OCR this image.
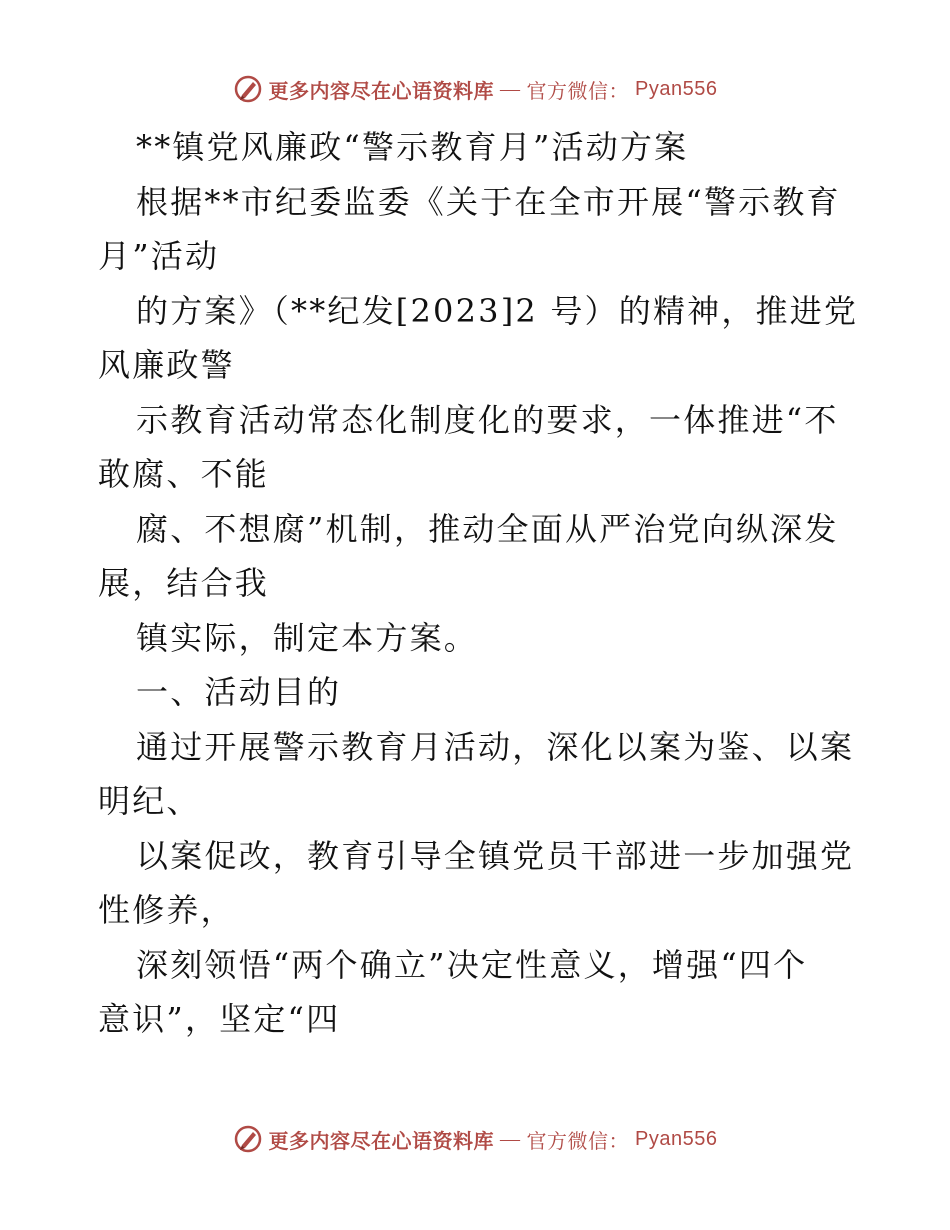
更多内容尽在心语资料库 — 官方微信： Pyan556
**镇党风廉政“警示教育月”活动方案
根据**市纪委监委《关于在全市开展“警示教育
月”活动
的方案》（**纪发[2023]2 号）的精神，推进党
风廉政警
示教育活动常态化制度化的要求，一体推进“不
敢腐、不能
腐、不想腐”机制，推动全面从严治党向纵深发
展，结合我
镇实际，制定本方案。
一、活动目的
通过开展警示教育月活动，深化以案为鉴、以案
明纪、
以案促改，教育引导全镇党员干部进一步加强党
性修养，
深刻领悟“两个确立”决定性意义，增强“四个
意识”，坚定“四
更多内容尽在心语资料库 — 官方微信： Pyan556
